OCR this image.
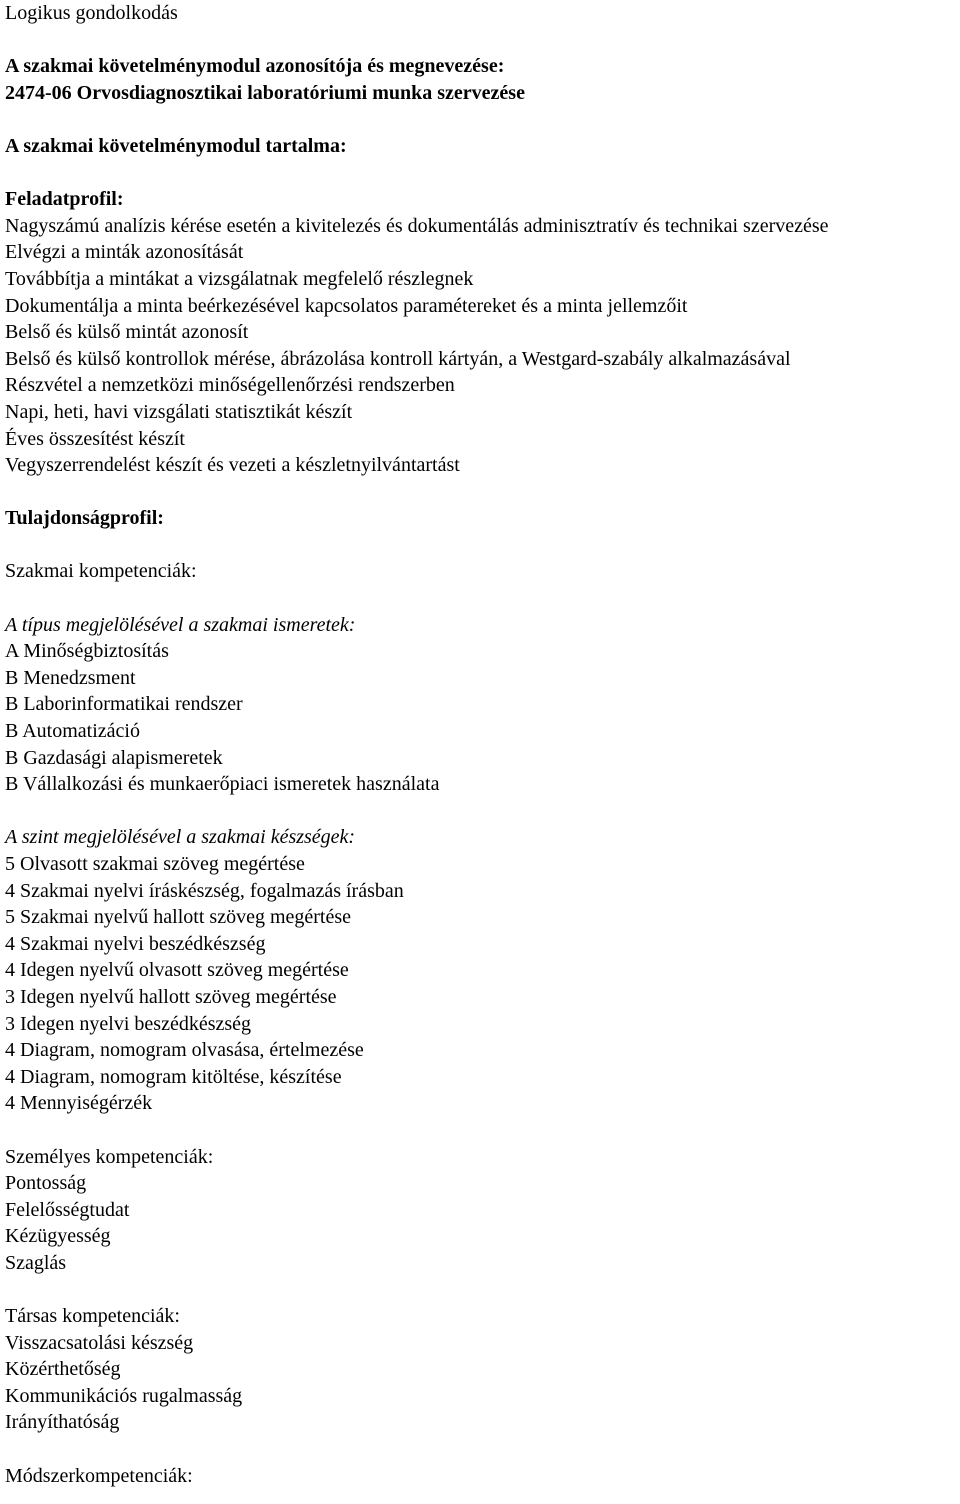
Logikus gondolkodás
A szakmai követelménymodul azonosítója és megnevezése:
2474-06 Orvosdiagnosztikai laboratóriumi munka szervezése
A szakmai követelménymodul tartalma:
Feladatprofil:
Nagyszámú analízis kérése esetén a kivitelezés és dokumentálás adminisztratív és technikai szervezése
Elvégzi a minták azonosítását
Továbbítja a mintákat a vizsgálatnak megfelelő részlegnek
Dokumentálja a minta beérkezésével kapcsolatos paramétereket és a minta jellemzőit
Belső és külső mintát azonosít
Belső és külső kontrollok mérése, ábrázolása kontroll kártyán, a Westgard-szabály alkalmazásával
Részvétel a nemzetközi minőségellenőrzési rendszerben
Napi, heti, havi vizsgálati statisztikát készít
Éves összesítést készít
Vegyszerrendelést készít és vezeti a készletnyilvántartást
Tulajdonságprofil:
Szakmai kompetenciák:
A típus megjelölésével a szakmai ismeretek:
A Minőségbiztosítás
B Menedzsment
B Laborinformatikai rendszer
B Automatizáció
B Gazdasági alapismeretek
B Vállalkozási és munkaerőpiaci ismeretek használata
A szint megjelölésével a szakmai készségek:
5 Olvasott szakmai szöveg megértése
4 Szakmai nyelvi íráskészség, fogalmazás írásban
5 Szakmai nyelvű hallott szöveg megértése
4 Szakmai nyelvi beszédkészség
4 Idegen nyelvű olvasott szöveg megértése
3 Idegen nyelvű hallott szöveg megértése
3 Idegen nyelvi beszédkészség
4 Diagram, nomogram olvasása, értelmezése
4 Diagram, nomogram kitöltése, készítése
4 Mennyiségérzék
Személyes kompetenciák:
Pontosság
Felelősségtudat
Kézügyesség
Szaglás
Társas kompetenciák:
Visszacsatolási készség
Közérthetőség
Kommunikációs rugalmasság
Irányíthatóság
Módszerkompetenciák:
